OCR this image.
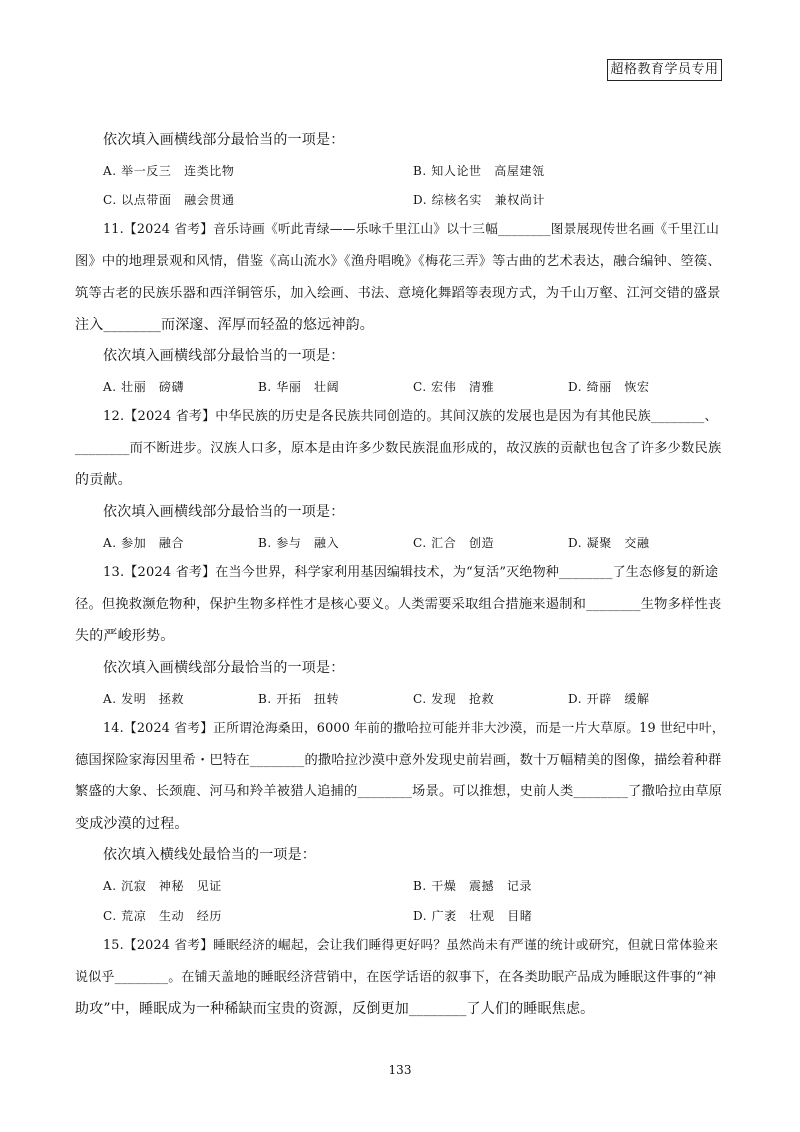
超格教育学员专用
依次填入画横线部分最恰当的一项是：
A. 举一反三　连类比物	B. 知人论世　高屋建瓴
C. 以点带面　融会贯通	D. 综核名实　兼权尚计
11.【2024 省考】音乐诗画《听此青绿——乐咏千里江山》以十三幅________图景展现传世名画《千里江山
图》中的地理景观和风情，借鉴《高山流水》《渔舟唱晚》《梅花三弄》等古曲的艺术表达，融合编钟、箜篌、
筑等古老的民族乐器和西洋铜管乐，加入绘画、书法、意境化舞蹈等表现方式，为千山万壑、江河交错的盛景
注入________而深邃、浑厚而轻盈的悠远神韵。
依次填入画横线部分最恰当的一项是：
A. 壮丽　磅礴	B. 华丽　壮阔	C. 宏伟　清雅	D. 绮丽　恢宏
12.【2024 省考】中华民族的历史是各民族共同创造的。其间汉族的发展也是因为有其他民族________、
________而不断进步。汉族人口多，原本是由许多少数民族混血形成的，故汉族的贡献也包含了许多少数民族
的贡献。
依次填入画横线部分最恰当的一项是：
A. 参加　融合	B. 参与　融入	C. 汇合　创造	D. 凝聚　交融
13.【2024 省考】在当今世界，科学家利用基因编辑技术，为“复活”灭绝物种________了生态修复的新途
径。但挽救濒危物种，保护生物多样性才是核心要义。人类需要采取组合措施来遏制和________生物多样性丧
失的严峻形势。
依次填入画横线部分最恰当的一项是：
A. 发明　拯救	B. 开拓　扭转	C. 发现　抢救	D. 开辟　缓解
14.【2024 省考】正所谓沧海桑田，6000 年前的撒哈拉可能并非大沙漠，而是一片大草原。19 世纪中叶，
德国探险家海因里希・巴特在________的撒哈拉沙漠中意外发现史前岩画，数十万幅精美的图像，描绘着种群
繁盛的大象、长颈鹿、河马和羚羊被猎人追捕的________场景。可以推想，史前人类________了撒哈拉由草原
变成沙漠的过程。
依次填入横线处最恰当的一项是：
A. 沉寂　神秘　见证	B. 干燥　震撼　记录
C. 荒凉　生动　经历	D. 广袤　壮观　目睹
15.【2024 省考】睡眠经济的崛起，会让我们睡得更好吗？虽然尚未有严谨的统计或研究，但就日常体验来
说似乎________。在铺天盖地的睡眠经济营销中，在医学话语的叙事下，在各类助眠产品成为睡眠这件事的“神
助攻”中，睡眠成为一种稀缺而宝贵的资源，反倒更加________了人们的睡眠焦虑。
133
